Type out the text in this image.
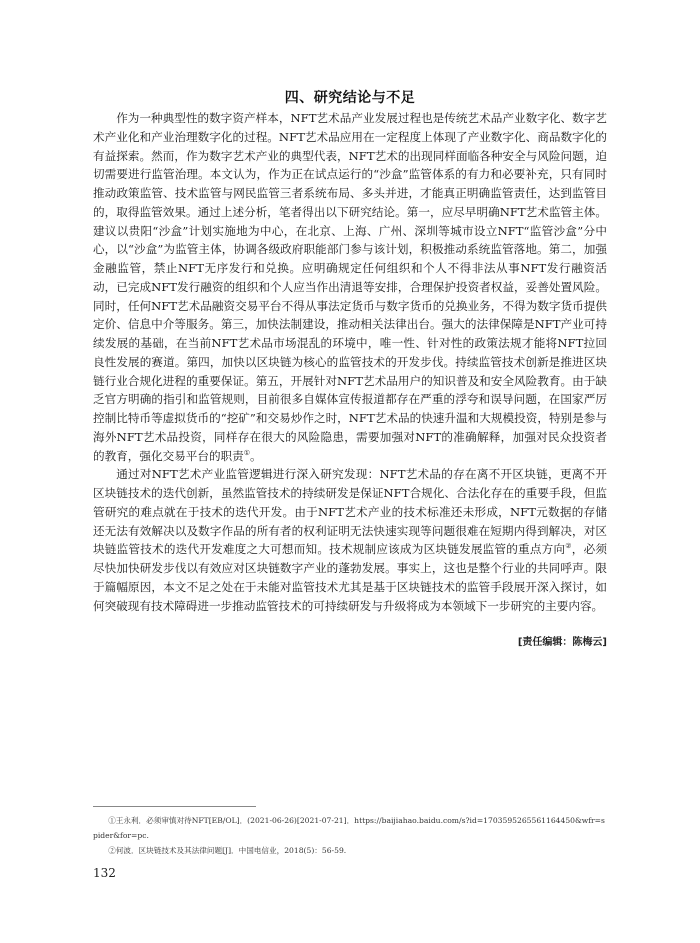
四、研究结论与不足

作为一种典型性的数字资产样本，NFT艺术品产业发展过程也是传统艺术品产业数字化、数字艺术产业化和产业治理数字化的过程。NFT艺术品应用在一定程度上体现了产业数字化、商品数字化的有益探索。然而，作为数字艺术产业的典型代表，NFT艺术的出现同样面临各种安全与风险问题，迫切需要进行监管治理。本文认为，作为正在试点运行的“沙盒”监管体系的有力和必要补充，只有同时推动政策监管、技术监管与网民监管三者系统布局、多头并进，才能真正明确监管责任，达到监管目的，取得监管效果。通过上述分析，笔者得出以下研究结论。第一，应尽早明确NFT艺术监管主体。建议以贵阳“沙盒”计划实施地为中心，在北京、上海、广州、深圳等城市设立NFT“监管沙盒”分中心，以“沙盒”为监管主体，协调各级政府职能部门参与该计划，积极推动系统监管落地。第二，加强金融监管，禁止NFT无序发行和兑换。应明确规定任何组织和个人不得非法从事NFT发行融资活动，已完成NFT发行融资的组织和个人应当作出清退等安排，合理保护投资者权益，妥善处置风险。同时，任何NFT艺术品融资交易平台不得从事法定货币与数字货币的兑换业务，不得为数字货币提供定价、信息中介等服务。第三，加快法制建设，推动相关法律出台。强大的法律保障是NFT产业可持续发展的基础，在当前NFT艺术品市场混乱的环境中，唯一性、针对性的政策法规才能将NFT拉回良性发展的赛道。第四，加快以区块链为核心的监管技术的开发步伐。持续监管技术创新是推进区块链行业合规化进程的重要保证。第五，开展针对NFT艺术品用户的知识普及和安全风险教育。由于缺乏官方明确的指引和监管规则，目前很多自媒体宣传报道都存在严重的浮夸和误导问题，在国家严厉控制比特币等虚拟货币的“挖矿”和交易炒作之时，NFT艺术品的快速升温和大规模投资，特别是参与海外NFT艺术品投资，同样存在很大的风险隐患，需要加强对NFT的准确解释，加强对民众投资者的教育，强化交易平台的职责①。

通过对NFT艺术产业监管逻辑进行深入研究发现：NFT艺术品的存在离不开区块链，更离不开区块链技术的迭代创新，虽然监管技术的持续研发是保证NFT合规化、合法化存在的重要手段，但监管研究的难点就在于技术的迭代开发。由于NFT艺术产业的技术标准还未形成，NFT元数据的存储还无法有效解决以及数字作品的所有者的权利证明无法快速实现等问题很难在短期内得到解决，对区块链监管技术的迭代开发难度之大可想而知。技术规制应该成为区块链发展监管的重点方向②，必须尽快加快研发步伐以有效应对区块链数字产业的蓬勃发展。事实上，这也是整个行业的共同呼声。限于篇幅原因，本文不足之处在于未能对监管技术尤其是基于区块链技术的监管手段展开深入探讨，如何突破现有技术障碍进一步推动监管技术的可持续研发与升级将成为本领域下一步研究的主要内容。

[责任编辑：陈梅云]

①王永利．必须审慎对待NFT[EB/OL]．(2021-06-26)[2021-07-21]．https://baijiahao.baidu.com/s?id=1703595265561164450&wfr=spider&for=pc.

②何波．区块链技术及其法律问题[J]．中国电信业，2018(5)：56-59.

132
